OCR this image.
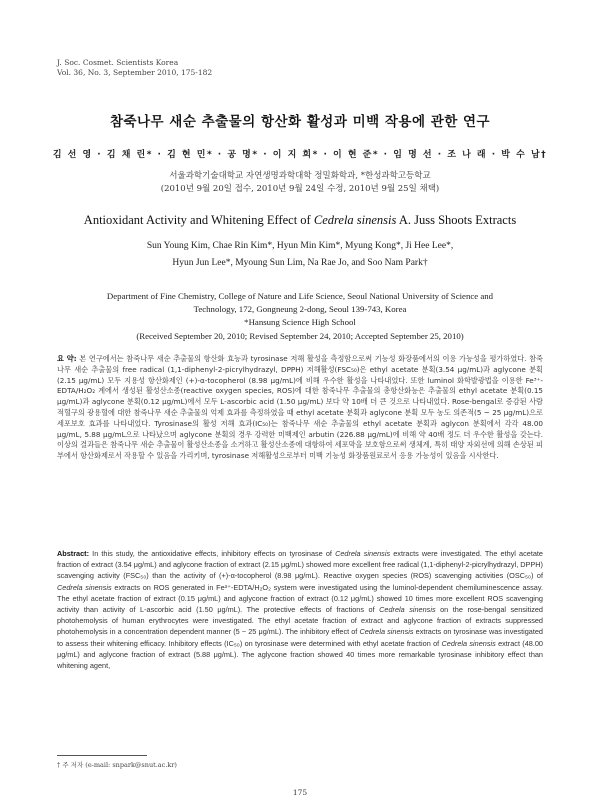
J. Soc. Cosmet. Scientists Korea
Vol. 36, No. 3, September 2010, 175-182
참죽나무 새순 추출물의 항산화 활성과 미백 작용에 관한 연구
김 선 영 · 김 채 린* · 김 현 민* · 공 명* · 이 지 희* · 이 현 준* · 임 명 선 · 조 나 래 · 박 수 남†
서울과학기술대학교 자연생명과학대학 정밀화학과, *한성과학고등학교
(2010년 9월 20일 접수, 2010년 9월 24일 수정, 2010년 9월 25일 채택)
Antioxidant Activity and Whitening Effect of Cedrela sinensis A. Juss Shoots Extracts
Sun Young Kim, Chae Rin Kim*, Hyun Min Kim*, Myung Kong*, Ji Hee Lee*,
Hyun Jun Lee*, Myoung Sun Lim, Na Rae Jo, and Soo Nam Park†
Department of Fine Chemistry, College of Nature and Life Science, Seoul National University of Science and
Technology, 172, Gongneung 2-dong, Seoul 139-743, Korea
*Hansung Science High School
(Received September 20, 2010; Revised September 24, 2010; Accepted September 25, 2010)
요 약: 본 연구에서는 참죽나무 새순 추출물의 항산화 효능과 tyrosinase 저해 활성을 측정함으로써 기능성 화장품에서의 이용 가능성을 평가하였다. 참죽나무 새순 추출물의 free radical (1,1-diphenyl-2-picrylhydrazyl, DPPH) 저해활성(FSC₅₀)은 ethyl acetate 분획(3.54 μg/mL)과 aglycone 분획(2.15 μg/mL) 모두 지용성 항산화제인 (+)-α-tocopherol (8.98 μg/mL)에 비해 우수한 활성을 나타내었다. 또한 luminol 화학발광법을 이용한 Fe³⁺-EDTA/H₂O₂ 계에서 생성된 활성산소종(reactive oxygen species, ROS)에 대한 참죽나무 추출물의 총항산화능은 추출물의 ethyl acetate 분획(0.15 μg/mL)과 aglycone 분획(0.12 μg/mL)에서 모두 L-ascorbic acid (1.50 μg/mL) 보다 약 10배 더 큰 것으로 나타내었다. Rose-bengal로 증감된 사람 적혈구의 광용혈에 대한 참죽나무 새순 추출물의 억제 효과를 측정하였을 때 ethyl acetate 분획과 aglycone 분획 모두 농도 의존적(5 ~ 25 μg/mL)으로 세포보호 효과를 나타내었다. Tyrosinase의 활성 저해 효과(IC₅₀)는 참죽나무 새순 추출물의 ethyl acetate 분획과 aglycon 분획에서 각각 48.00 μg/mL, 5.88 μg/mL으로 나타났으며 aglycone 분획의 경우 강력한 미백제인 arbutin (226.88 μg/mL)에 비해 약 40배 정도 더 우수한 활성을 갖는다. 이상의 결과들은 참죽나무 새순 추출물이 활성산소종을 소거하고 활성산소종에 대항하여 세포막을 보호함으로써 생체계, 특히 태양 자외선에 의해 손상된 피부에서 항산화제로서 작용할 수 있음을 가리키며, tyrosinase 저해활성으로부터 미백 기능성 화장품원료로서 응용 가능성이 있음을 시사한다.
Abstract: In this study, the antioxidative effects, inhibitory effects on tyrosinase of Cedrela sinensis extracts were investigated. The ethyl acetate fraction of extract (3.54 μg/mL) and aglycone fraction of extract (2.15 μg/mL) showed more excellent free radical (1,1-diphenyl-2-picrylhydrazyl, DPPH) scavenging activity (FSC₅₀) than the activity of (+)-α-tocopherol (8.98 μg/mL). Reactive oxygen species (ROS) scavenging activities (OSC₅₀) of Cedrela sinensis extracts on ROS generated in Fe³⁺-EDTA/H₂O₂ system were investigated using the luminol-dependent chemiluminescence assay. The ethyl acetate fraction of extract (0.15 μg/mL) and aglycone fraction of extract (0.12 μg/mL) showed 10 times more excellent ROS scavenging activity than activity of L-ascorbic acid (1.50 μg/mL). The protective effects of fractions of Cedrela sinensis on the rose-bengal sensitized photohemolysis of human erythrocytes were investigated. The ethyl acetate fraction of extract and aglycone fraction of extracts suppressed photohemolysis in a concentration dependent manner (5 ~ 25 μg/mL). The inhibitory effect of Cedrela sinensis extracts on tyrosinase was investigated to assess their whitening efficacy. Inhibitory effects (IC₅₀) on tyrosinase were determined with ethyl acetate fraction of Cedrela sinensis extract (48.00 μg/mL) and aglycone fraction of extract (5.88 μg/mL). The aglycone fraction showed 40 times more remarkable tyrosinase inhibitory effect than whitening agent,
† 주 저자 (e-mail: snpark@snut.ac.kr)
175
